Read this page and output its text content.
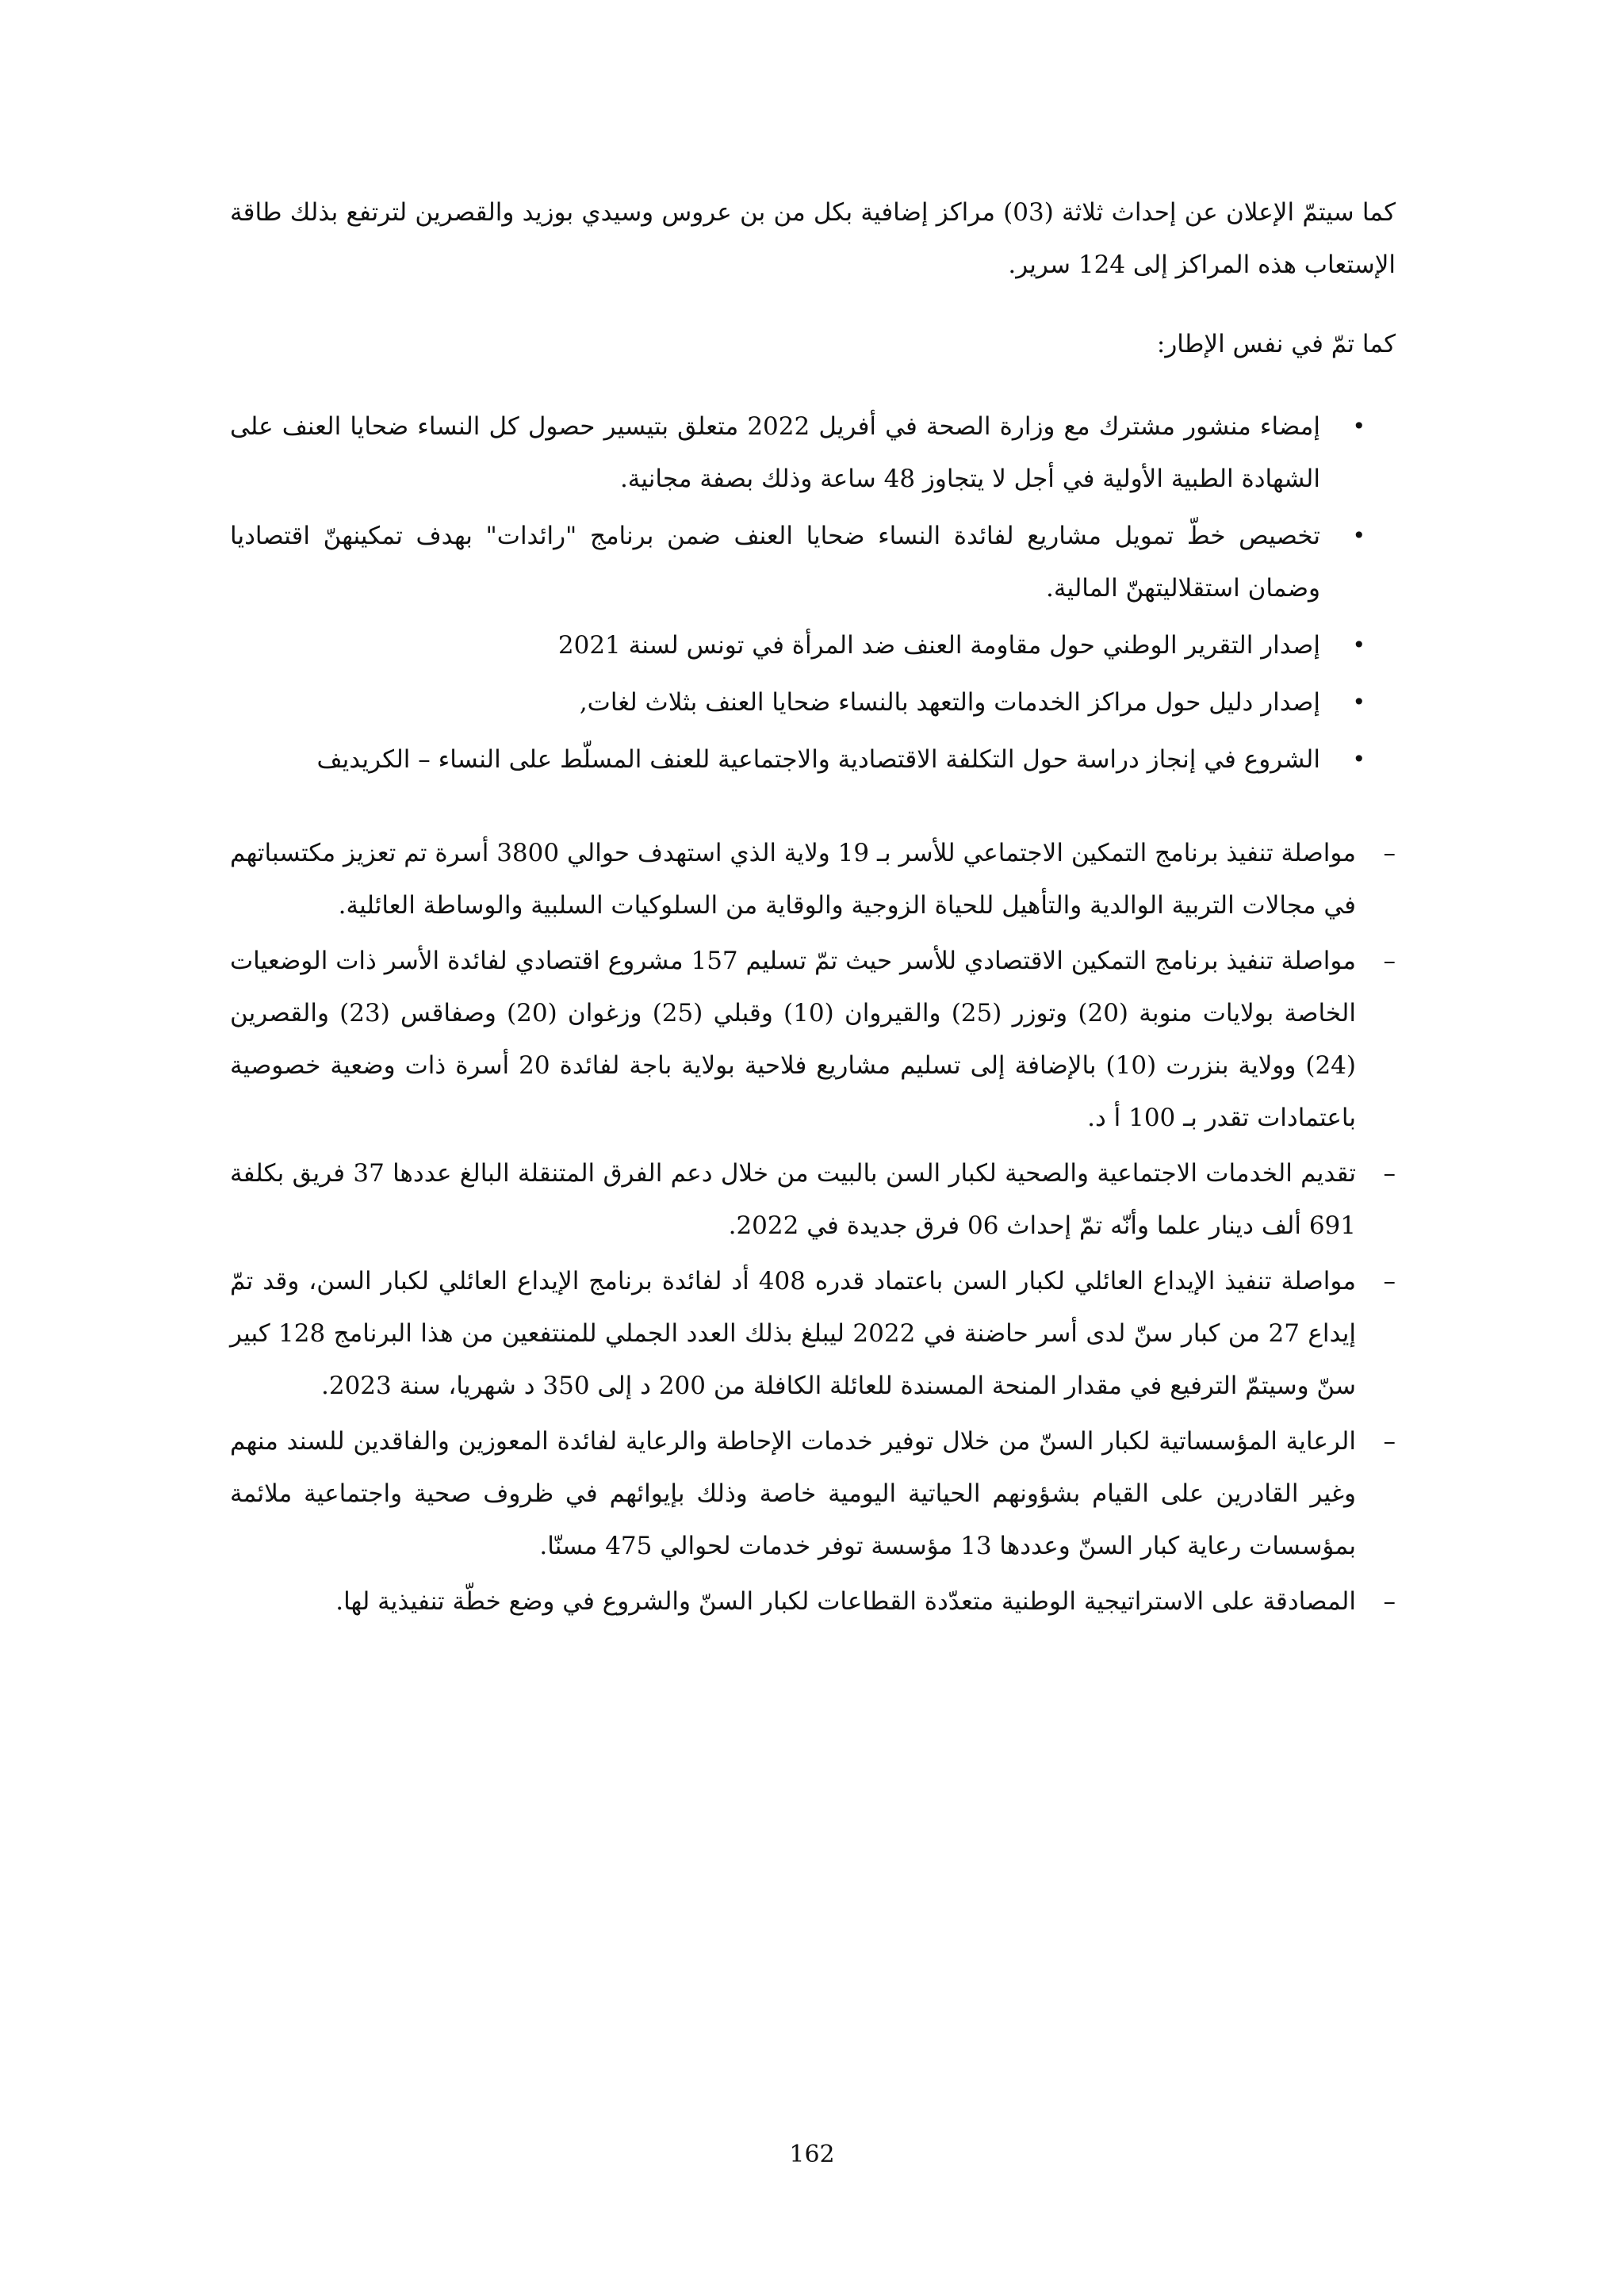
كما سيتمّ الإعلان عن إحداث ثلاثة (03) مراكز إضافية بكل من بن عروس وسيدي بوزيد والقصرين لترتفع بذلك طاقة الإستعاب هذه المراكز إلى 124 سرير.

كما تمّ في نفس الإطار:

•
إمضاء منشور مشترك مع وزارة الصحة في أفريل 2022 متعلق بتيسير حصول كل النساء ضحايا العنف على الشهادة الطبية الأولية في أجل لا يتجاوز 48 ساعة وذلك بصفة مجانية.
•
تخصيص خطّ تمويل مشاريع لفائدة النساء ضحايا العنف ضمن برنامج "رائدات" بهدف تمكينهنّ اقتصاديا وضمان استقلاليتهنّ المالية.
•
إصدار التقرير الوطني حول مقاومة العنف ضد المرأة في تونس لسنة 2021
•
إصدار دليل حول مراكز الخدمات والتعهد بالنساء ضحايا العنف بثلاث لغات,
•
الشروع في إنجاز دراسة حول التكلفة الاقتصادية والاجتماعية للعنف المسلّط على النساء – الكريديف
–
مواصلة تنفيذ برنامج التمكين الاجتماعي للأسر بـ 19 ولاية الذي استهدف حوالي 3800 أسرة تم تعزيز مكتسباتهم في مجالات التربية الوالدية والتأهيل للحياة الزوجية والوقاية من السلوكيات السلبية والوساطة العائلية.
–
مواصلة تنفيذ برنامج التمكين الاقتصادي للأسر حيث تمّ تسليم 157 مشروع اقتصادي لفائدة الأسر ذات الوضعيات الخاصة بولايات منوبة (20) وتوزر (25) والقيروان (10) وقبلي (25) وزغوان (20) وصفاقس (23) والقصرين (24) وولاية بنزرت (10) بالإضافة إلى تسليم مشاريع فلاحية بولاية باجة لفائدة 20 أسرة ذات وضعية خصوصية باعتمادات تقدر بـ 100 أ د.
–
تقديم الخدمات الاجتماعية والصحية لكبار السن بالبيت من خلال دعم الفرق المتنقلة البالغ عددها 37 فريق بكلفة 691 ألف دينار علما وأنّه تمّ إحداث 06 فرق جديدة في 2022.
–
مواصلة تنفيذ الإيداع العائلي لكبار السن باعتماد قدره 408 أد لفائدة برنامج الإيداع العائلي لكبار السن، وقد تمّ إيداع 27 من كبار سنّ لدى أسر حاضنة في 2022 ليبلغ بذلك العدد الجملي للمنتفعين من هذا البرنامج 128 كبير سنّ وسيتمّ الترفيع في مقدار المنحة المسندة للعائلة الكافلة من 200 د إلى 350 د شهريا، سنة 2023.
–
الرعاية المؤسساتية لكبار السنّ من خلال توفير خدمات الإحاطة والرعاية لفائدة المعوزين والفاقدين للسند منهم وغير القادرين على القيام بشؤونهم الحياتية اليومية خاصة وذلك بإيوائهم في ظروف صحية واجتماعية ملائمة بمؤسسات رعاية كبار السنّ وعددها 13 مؤسسة توفر خدمات لحوالي 475 مسنّا.
–
المصادقة على الاستراتيجية الوطنية متعدّدة القطاعات لكبار السنّ والشروع في وضع خطّة تنفيذية لها.
162
